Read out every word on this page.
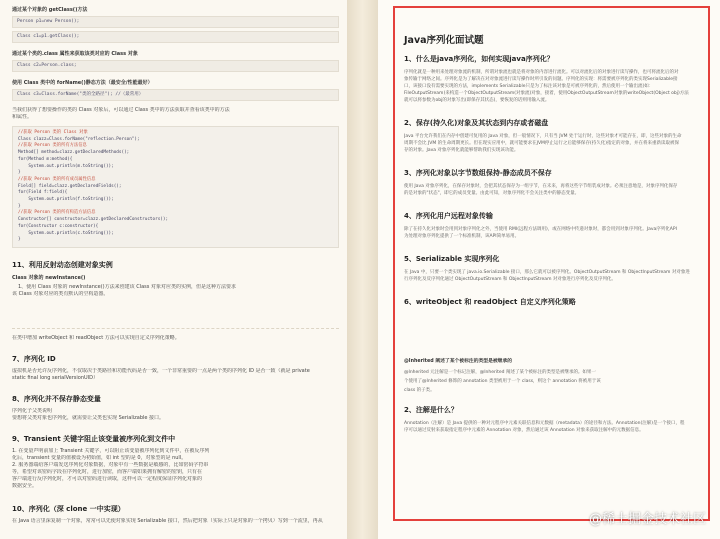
通过某个对象的 getClass()方法
Person p1=new Person();
Class c1=p1.getClass();
通过某个类的.class 属性来获取该类对应的 Class 对象
Class c2=Person.class;
使用 Class 类中的 forName()静态方法（最安全/性能最好）
Class c3=Class.forName("类的全路径"); //（最常用）
当我们获得了想要操作的类的 Class 对象后，可以通过 Class 类中的方法获取并查看该类中的方法
和属性。
//获取 Person 类的 Class 对象
Class clazz=Class.forName("reflection.Person");
//获取 Person 类的所有方法信息
Method[] method=clazz.getDeclaredMethods();
for(Method m:method){
System.out.println(m.toString());
}
//获取 Person 类的所有成员属性信息
Field[] field=clazz.getDeclaredFields();
for(Field f:field){
System.out.println(f.toString());
}
//获取 Person 类的所有构造方法信息
Constructor[] constructor=clazz.getDeclaredConstructors();
for(Constructor c:constructor){
System.out.println(c.toString());
}
11、利用反射动态创建对象实例
Class 对象的 newInstance()
1、使用 Class 对象的 newInstance()方法来创建该 Class 对象对应类的实例，但是这种方法要求
该 Class 对象对应的类有默认的空构造器。
在类中增加 writeObject 和 readObject 方法可以实现自定义序列化策略。
7、序列化 ID
虚拟机是否允许反序列化，不仅取决于类路径和功能代码是否一致，一个非常重要的一点是两个类的序列化 ID 是否一致（就是 private
static final long serialVersionUID）
8、序列化并不保存静态变量
序列化子父类说明
要想将父类对象也序列化，就需要让父类也实现 Serializable 接口。
9、Transient 关键字阻止该变量被序列化到文件中
1. 在变量声明前加上 Transient 关键字，可以阻止该变量被序列化到文件中，在被反序列
化后，transient 变量的值被设为初始值，如 int 型的是 0，对象型的是 null。
2. 服务器端给客户端发送序列化对象数据，对象中有一些数据是敏感的，比如密码字符串
等，希望对该密码字段在序列化时，进行加密，而客户端如果拥有解密的密钥，只有在
客户端进行反序列化时，才可以对密码进行读取，这样可以一定程度保证序列化对象的
数据安全。
10、序列化（深 clone 一中实现）
在 Java 语言里深复制一个对象，常常可以先使对象实现 Serializable 接口，然后把对象（实际上只是对象的一个拷贝）写到一个流里，再从
Java序列化面试题
1、什么是java序列化，如何实现java序列化？
序列化就是一种用来处理对象流的机制，所谓对象流也就是将对象的内容进行流化。可以对流化后的对象进行读写操作，也可将流化后的对
象传输于网络之间。序列化是为了解决在对对象流进行读写操作时所引发的问题。序列化的实现：将需要被序列化的类实现Serializable接
口，该接口没有需要实现的方法，implements Serializable只是为了标注该对象是可被序列化的，然后使用一个输出流(如：
FileOutputStream)来构造一个ObjectOutputStream(对象流)对象，接着，使用ObjectOutputStream对象的writeObject(Object obj)方法
就可以将参数为obj的对象写出(即保存其状态)，要恢复的话则用输入流。
2、保存(持久化)对象及其状态到内存或者磁盘
Java 平台允许我们在内存中创建可复用的 Java 对象，但一般情况下，只有当 JVM 处于运行时，这些对象才可能存在，即，这些对象的生命
周期不会比 JVM 的生命周期更长。但在现实应用中，就可能要求在JVM停止运行之后能够保存(持久化)指定的对象，并在将来重新读取被保
存的对象。Java 对象序列化就能够帮助我们实现该功能。
3、序列化对象以字节数组保持-静态成员不保存
使用 Java 对象序列化，在保存对象时，会把其状态保存为一组字节，在未来，再将这些字节组装成对象。必须注意地是，对象序列化保存
的是对象的"状态"，即它的成员变量。由此可知，对象序列化不会关注类中的静态变量。
4、序列化用户远程对象传输
除了在持久化对象时会用到对象序列化之外，当使用 RMI(远程方法调用)，或在网络中传递对象时，都会用到对象序列化。Java序列化API
为处理对象序列化提供了一个标准机制，该API简单易用。
5、Serializable 实现序列化
在 Java 中，只要一个类实现了 java.io.Serializable 接口，那么它就可以被序列化。ObjectOutputStream 和 ObjectInputStream 对对象进
行序列化及反序列化通过 ObjectOutputStream 和 ObjectInputStream 对对象进行序列化及反序列化。
6、writeObject 和 readObject 自定义序列化策略
@Inherited 阐述了某个被标注的类型是被继承的
@Inherited 元注解是一个标记注解，@Inherited 阐述了某个被标注的类型是被继承的。如果一
个使用了@Inherited 修饰的 annotation 类型被用于一个 class，则这个 annotation 将被用于该
class 的子类。
2、注解是什么？
Annotation（注解）是 Java 提供的一种对元程序中元素关联信息和元数据（metadata）的途径和方法。Annotation(注解)是一个接口，程
序可以通过反射来获取指定程序中元素的 Annotation 对象，然后通过该 Annotation 对象来获取注解中的元数据信息。
@稀土掘金技术社区
